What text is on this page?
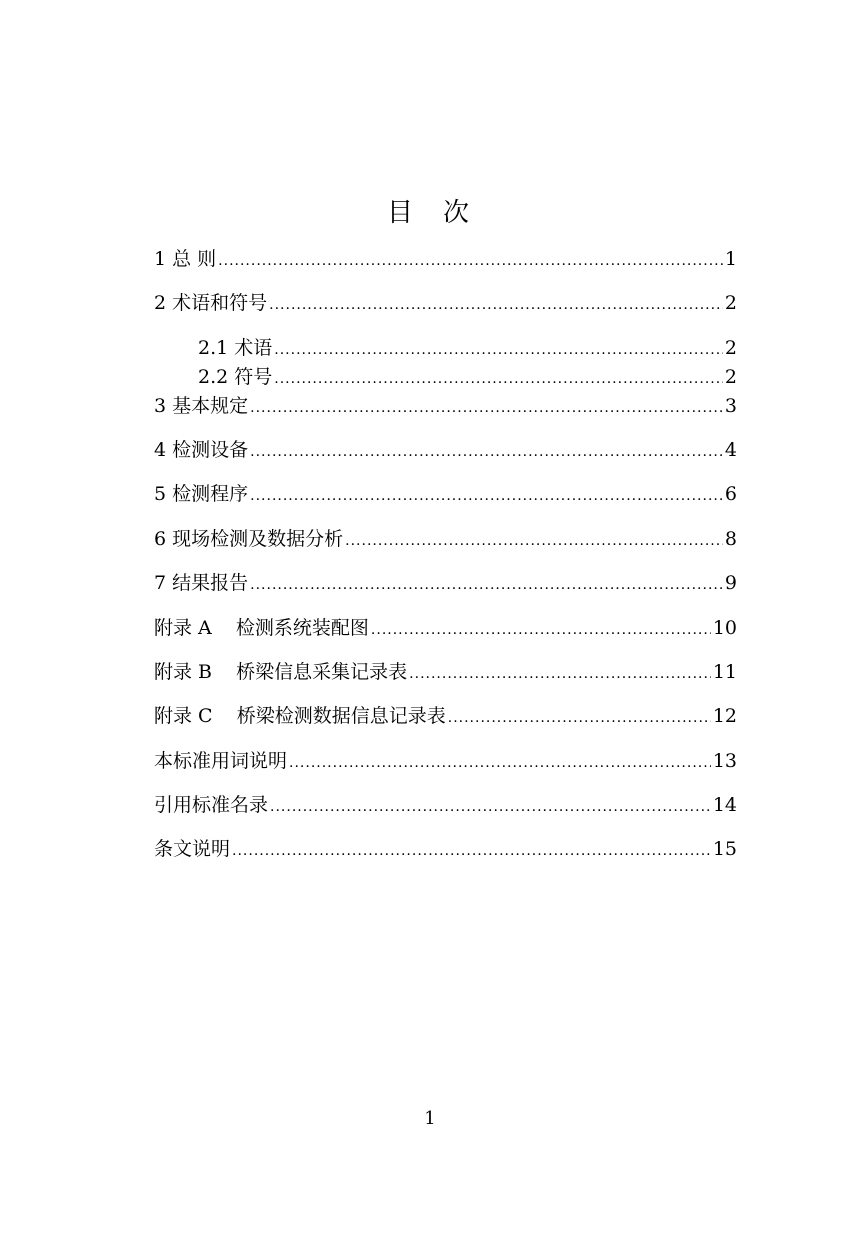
目 次
1 总 则 .....	1
2 术语和符号 .....	2
2.1 术语 .....	2
2.2 符号 .....	2
3 基本规定 .....	3
4 检测设备 .....	4
5 检测程序 .....	6
6 现场检测及数据分析 .....	8
7 结果报告 .....	9
附录 A    检测系统装配图 .....	10
附录 B    桥梁信息采集记录表 .....	11
附录 C    桥梁检测数据信息记录表 .....	12
本标准用词说明 .....	13
引用标准名录 .....	14
条文说明 .....	15
1
